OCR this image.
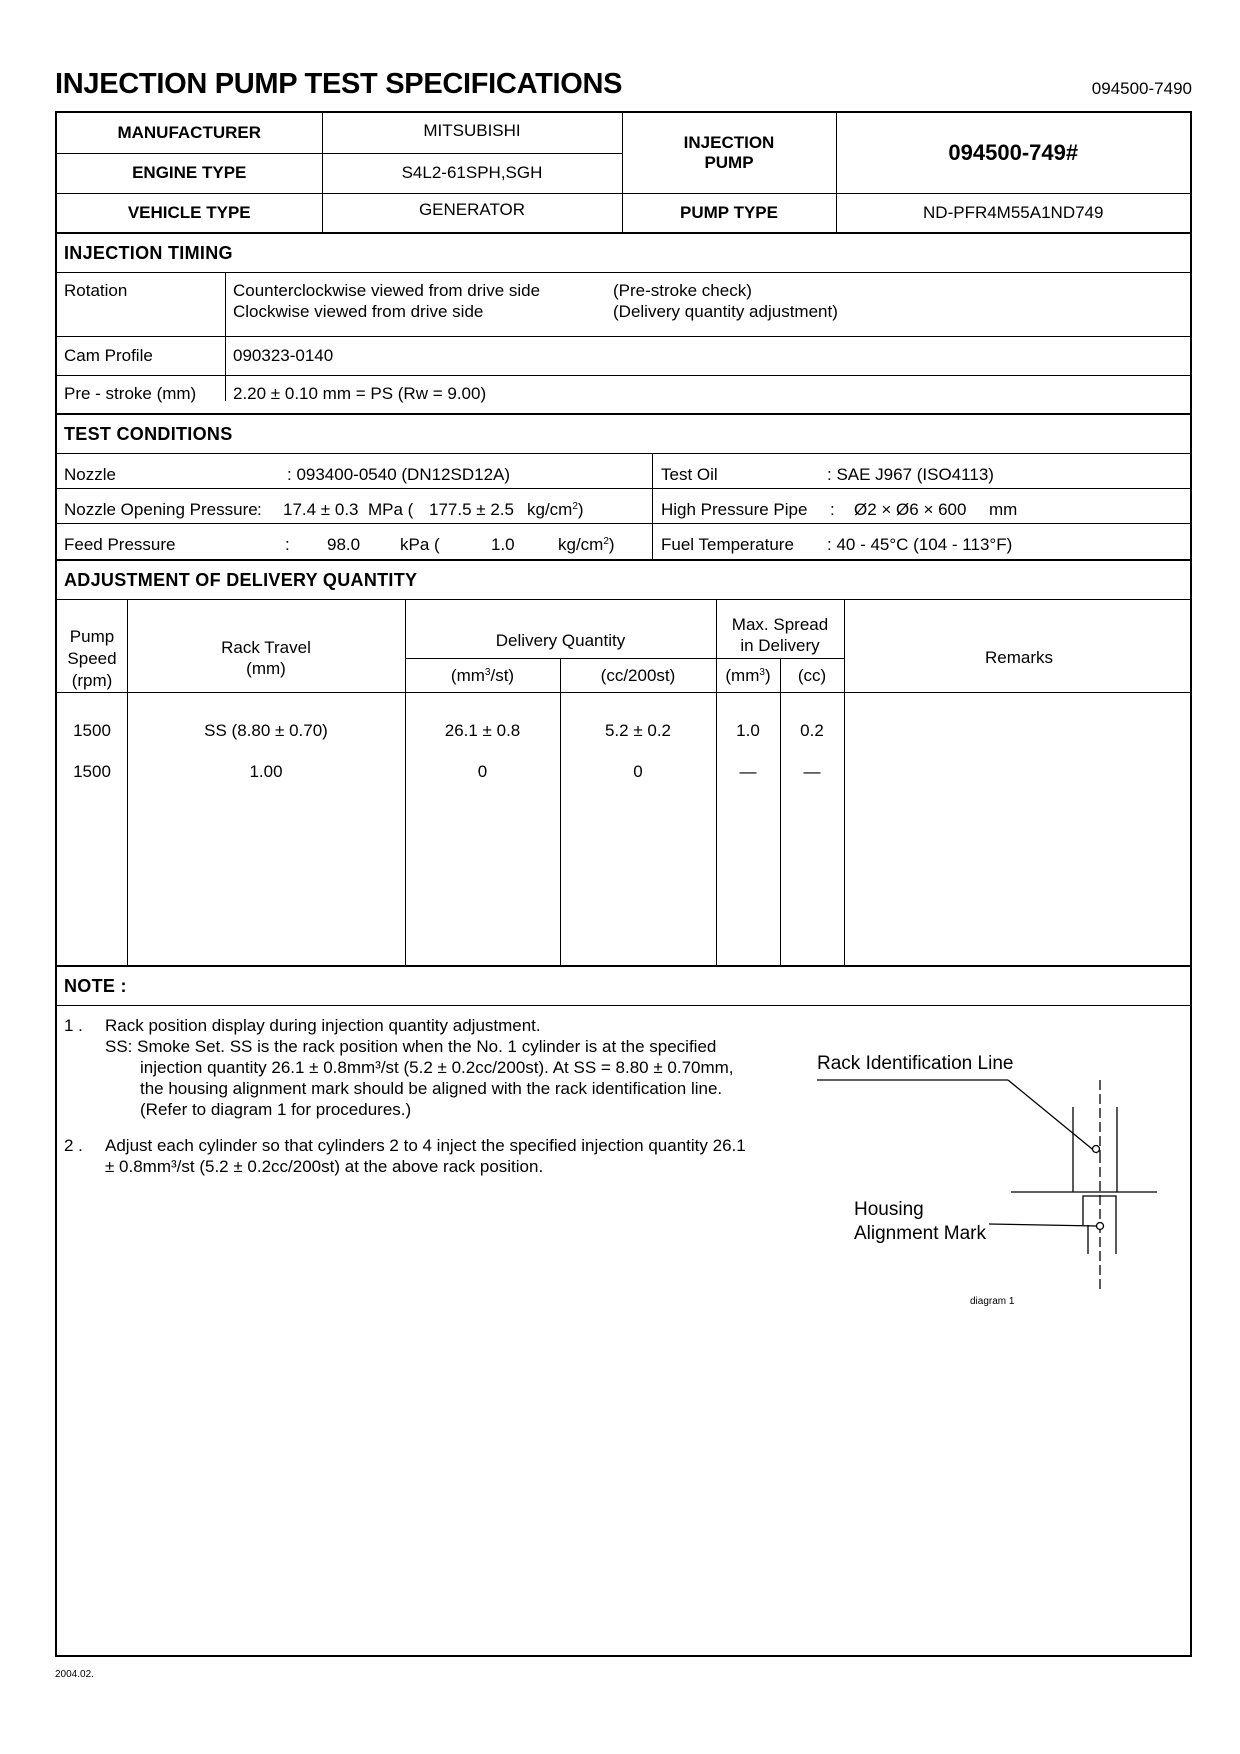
INJECTION PUMP TEST SPECIFICATIONS	094500-7490
MANUFACTURER	MITSUBISHI	INJECTION
PUMP	094500-749#
ENGINE TYPE	S4L2-61SPH,SGH		
VEHICLE TYPE	GENERATOR	PUMP TYPE	ND-PFR4M55A1ND749
INJECTION TIMING
Rotation	Counterclockwise viewed from drive side	(Pre-stroke check)
Clockwise viewed from drive side	(Delivery quantity adjustment)
Cam Profile	090323-0140
Pre - stroke (mm) 2.20 ± 0.10 mm = PS (Rw = 9.00)
TEST CONDITIONS
Nozzle	: 093400-0540 (DN12SD12A)	Test Oil	: SAE J967 (ISO4113)
Nozzle Opening Pressure : 17.4 ± 0.3 MPa ( 177.5 ± 2.5 $kg/cm^2$)	High Pressure Pipe : Ø2 × Ø6 × 600 mm
Feed Pressure	: 98.0 kPa (	1.0	$kg/cm^2$)	Fuel Temperature : 40 - 45°C (104 - 113°F)
ADJUSTMENT OF DELIVERY QUANTITY
Pump
Speed
(rpm)
Rack Travel
(mm)
Delivery Quantity
Max. Spread
in Delivery
Remarks
$(mm^3/st)$	(cc/200st)	$(mm^3)$	(cc)
1500	SS (8.80 ± 0.70)	26.1 ± 0.8	5.2 ± 0.2	1.0	0.2
1500	1.00	0	0	—	—
NOTE :
1 . Rack position display during injection quantity adjustment.
SS: Smoke Set. SS is the rack position when the No. 1 cylinder is at the specified
injection quantity 26.1 ± 0.8mm³/st (5.2 ± 0.2cc/200st). At SS = 8.80 ± 0.70mm,
the housing alignment mark should be aligned with the rack identification line.
(Refer to diagram 1 for procedures.)
2 . Adjust each cylinder so that cylinders 2 to 4 inject the specified injection quantity 26.1
± 0.8mm³/st (5.2 ± 0.2cc/200st) at the above rack position.
Rack Identification Line
Housing
Alignment Mark
diagram 1
2004.02.
